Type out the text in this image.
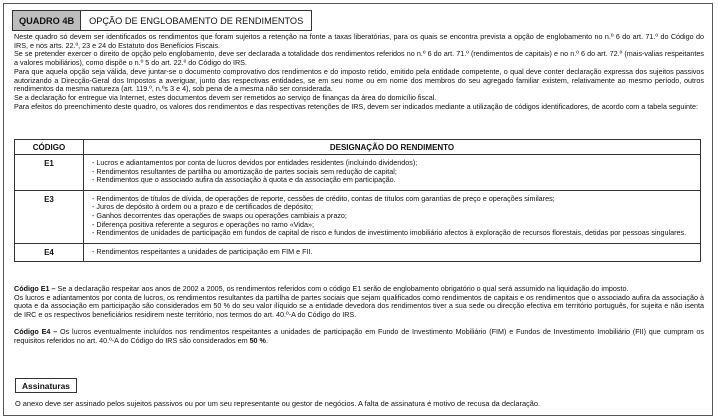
QUADRO 4B	OPÇÃO DE ENGLOBAMENTO DE RENDIMENTOS

Neste quadro só devem ser identificados os rendimentos que foram sujeitos a retenção na fonte a taxas liberatórias, para os quais se encontra prevista a opção de englobamento no n.º 6 do art. 71.º do Código do IRS, e nos arts. 22.º, 23 e 24 do Estatuto dos Benefícios Fiscais.

Se se pretender exercer o direito de opção pelo englobamento, deve ser declarada a totalidade dos rendimentos referidos no n.º 6 do art. 71.º (rendimentos de capitais) e no n.º 6 do art. 72.º (mais-valias respeitantes a valores mobiliários), como dispõe o n.º 5 do art. 22.º do Código do IRS.

Para que aquela opção seja válida, deve juntar-se o documento comprovativo dos rendimentos e do imposto retido, emitido pela entidade competente, o qual deve conter declaração expressa dos sujeitos passivos autorizando a Direcção-Geral dos Impostos a averiguar, junto das respectivas entidades, se em seu nome ou em nome dos membros do seu agregado familiar existem, relativamente ao mesmo período, outros rendimentos da mesma natureza (art. 119.º, n.ºs 3 e 4), sob pena de a mesma não ser considerada.

Se a declaração for entregue via Internet, estes documentos devem ser remetidos ao serviço de finanças da área do domicílio fiscal.

Para efeitos do preenchimento deste quadro, os valores dos rendimentos e das respectivas retenções de IRS, devem ser indicados mediante a utilização de códigos identificadores, de acordo com a tabela seguinte:

CÓDIGO	DESIGNAÇÃO DO RENDIMENTO
E1	- Lucros e adiantamentos por conta de lucros devidos por entidades residentes (incluindo dividendos);
- Rendimentos resultantes de partilha ou amortização de partes sociais sem redução de capital;
- Rendimentos que o associado aufira da associação à quota e da associação em participação.

E3	- Rendimentos de títulos de dívida, de operações de reporte, cessões de crédito, contas de títulos com garantias de preço e operações similares;
- Juros de depósito à ordem ou a prazo e de certificados de depósito;
- Ganhos decorrentes das operações de swaps ou operações cambiais a prazo;
- Diferença positiva referente a seguros e operações no ramo «Vida»;
- Rendimentos de unidades de participação em fundos de capital de risco e fundos de investimento imobiliário afectos à exploração de recursos florestais, detidas por pessoas singulares.

E4	- Rendimentos respeitantes a unidades de participação em FIM e FII.

Código E1 – Se a declaração respeitar aos anos de 2002 a 2005, os rendimentos referidos com o código E1 serão de englobamento obrigatório o qual será assumido na liquidação do imposto.

Os lucros e adiantamentos por conta de lucros, os rendimentos resultantes da partilha de partes sociais que sejam qualificados como rendimentos de capitais e os rendimentos que o associado aufira da associação à quota e da associação em participação são considerados em 50 % do seu valor ilíquido se a entidade devedora dos rendimentos tiver a sua sede ou direcção efectiva em território português, for sujeita e não isenta de IRC e os respectivos beneficiários residirem neste território, nos termos do art. 40.º-A do Código do IRS.

Código E4 – Os lucros eventualmente incluídos nos rendimentos respeitantes a unidades de participação em Fundo de Investimento Mobiliário (FIM) e Fundos de Investimento Imobiliário (FII) que cumpram os requisitos referidos no art. 40.º-A do Código do IRS são considerados em 50 %.

Assinaturas
O anexo deve ser assinado pelos sujeitos passivos ou por um seu representante ou gestor de negócios. A falta de assinatura é motivo de recusa da declaração.
